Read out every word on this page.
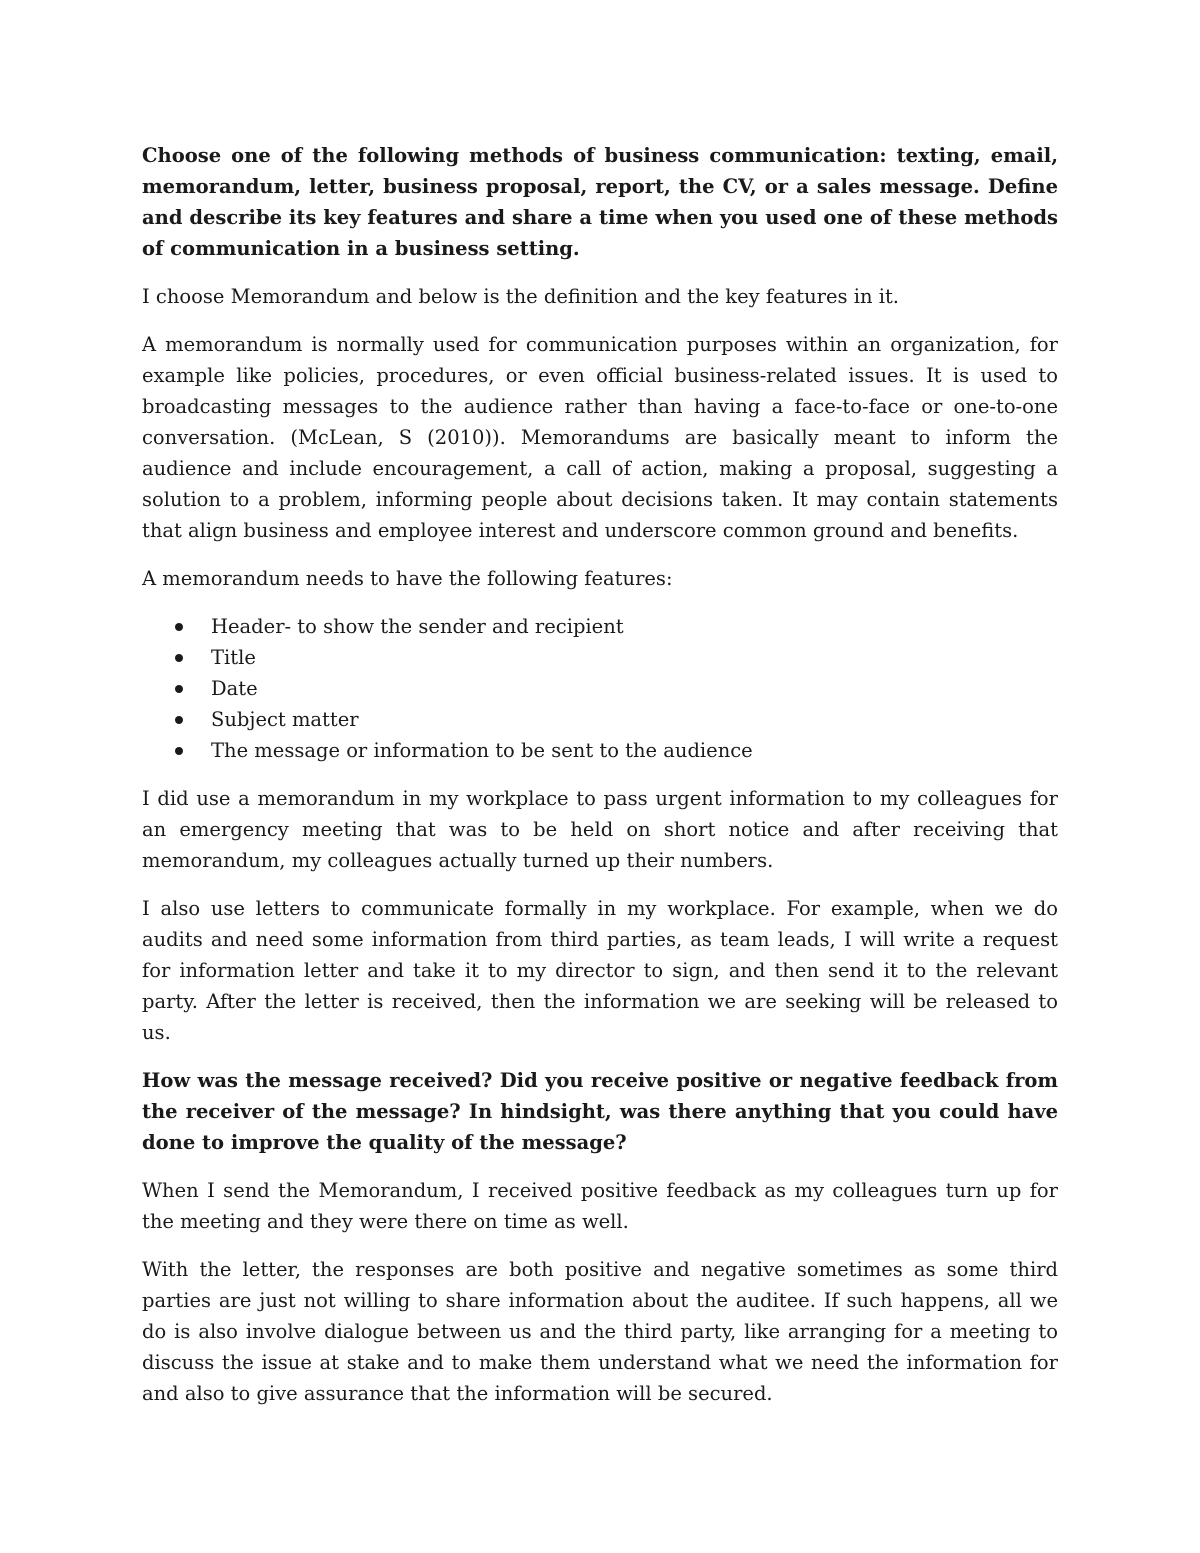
Choose one of the following methods of business communication: texting, email, memorandum, letter, business proposal, report, the CV, or a sales message. Define and describe its key features and share a time when you used one of these methods of communication in a business setting.

I choose Memorandum and below is the definition and the key features in it.

A memorandum is normally used for communication purposes within an organization, for example like policies, procedures, or even official business-related issues. It is used to broadcasting messages to the audience rather than having a face-to-face or one-to-one conversation. (McLean, S (2010)). Memorandums are basically meant to inform the audience and include encouragement, a call of action, making a proposal, suggesting a solution to a problem, informing people about decisions taken. It may contain statements that align business and employee interest and underscore common ground and benefits.

A memorandum needs to have the following features:

Header- to show the sender and recipient
Title
Date
Subject matter
The message or information to be sent to the audience

I did use a memorandum in my workplace to pass urgent information to my colleagues for an emergency meeting that was to be held on short notice and after receiving that memorandum, my colleagues actually turned up their numbers.

I also use letters to communicate formally in my workplace. For example, when we do audits and need some information from third parties, as team leads, I will write a request for information letter and take it to my director to sign, and then send it to the relevant party. After the letter is received, then the information we are seeking will be released to us.

How was the message received? Did you receive positive or negative feedback from the receiver of the message? In hindsight, was there anything that you could have done to improve the quality of the message?

When I send the Memorandum, I received positive feedback as my colleagues turn up for the meeting and they were there on time as well.

With the letter, the responses are both positive and negative sometimes as some third parties are just not willing to share information about the auditee. If such happens, all we do is also involve dialogue between us and the third party, like arranging for a meeting to discuss the issue at stake and to make them understand what we need the information for and also to give assurance that the information will be secured.
